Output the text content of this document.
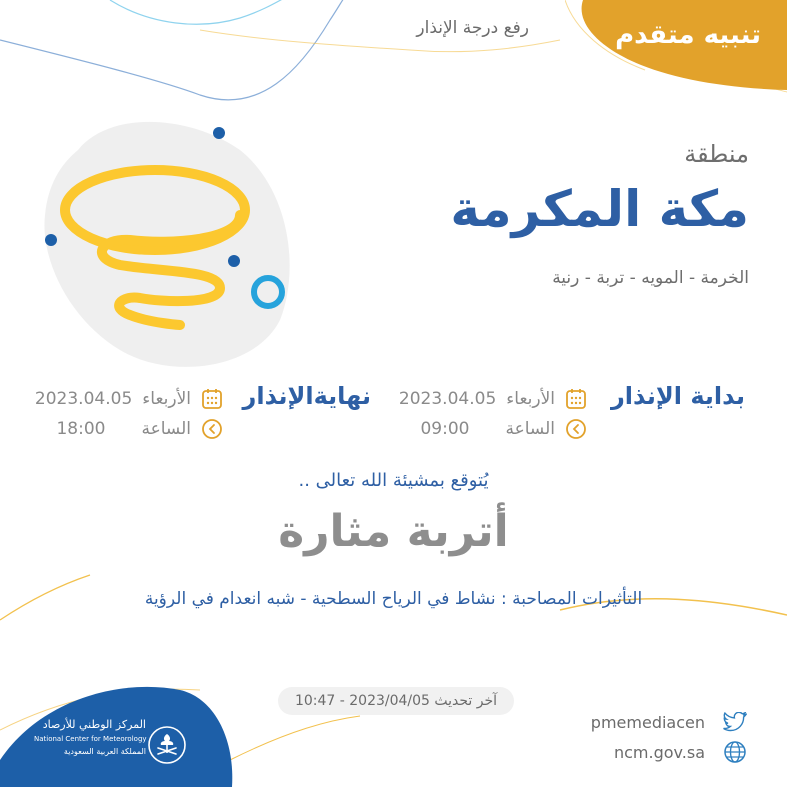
تنبيه متقدم
رفع درجة الإنذار
منطقة
مكة المكرمة
الخرمة - المويه - تربة - رنية
بداية الإنذار
2023.04.05 الأربعاء
09:00 الساعة
نهايةالإنذار
2023.04.05 الأربعاء
18:00 الساعة
يُتوقع بمشيئة الله تعالى ..
أتربة مثارة
التأثيرات المصاحبة : نشاط في الرياح السطحية - شبه انعدام في الرؤية
آخر تحديث 2023/04/05 - 10:47
pmemediacen
ncm.gov.sa
المركز الوطني للأرصاد
National Center for Meteorology
المملكة العربية السعودية
